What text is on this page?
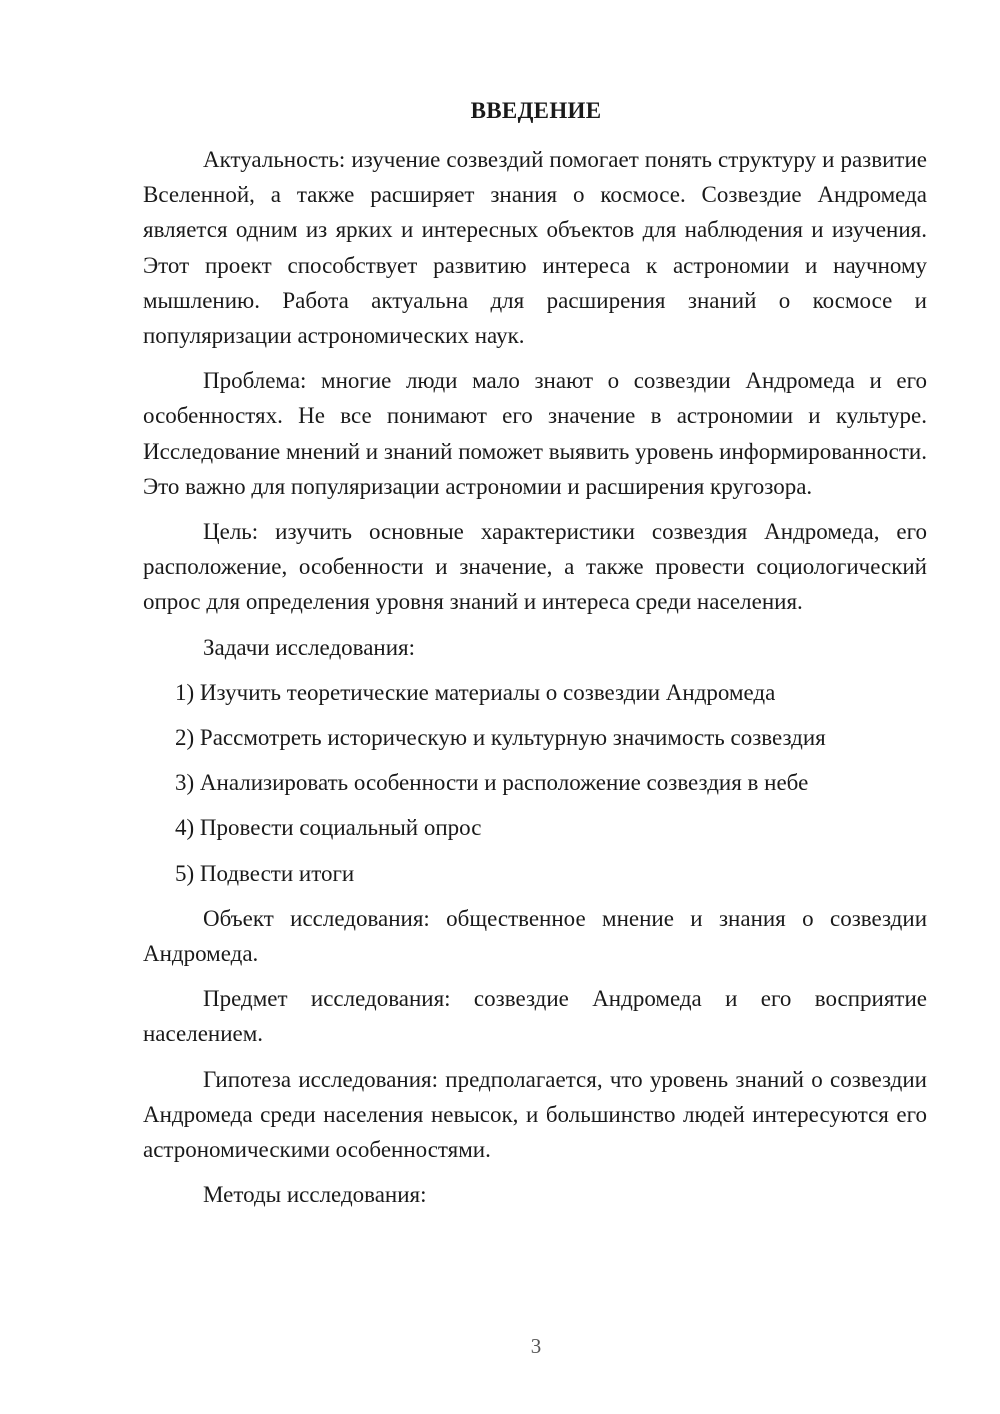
ВВЕДЕНИЕ

Актуальность: изучение созвездий помогает понять структуру и развитие Вселенной, а также расширяет знания о космосе. Созвездие Андромеда является одним из ярких и интересных объектов для наблюдения и изучения. Этот проект способствует развитию интереса к астрономии и научному мышлению. Работа актуальна для расширения знаний о космосе и популяризации астрономических наук.

Проблема: многие люди мало знают о созвездии Андромеда и его особенностях. Не все понимают его значение в астрономии и культуре. Исследование мнений и знаний поможет выявить уровень информированности. Это важно для популяризации астрономии и расширения кругозора.

Цель: изучить основные характеристики созвездия Андромеда, его расположение, особенности и значение, а также провести социологический опрос для определения уровня знаний и интереса среди населения.

Задачи исследования:

1) Изучить теоретические материалы о созвездии Андромеда
2) Рассмотреть историческую и культурную значимость созвездия
3) Анализировать особенности и расположение созвездия в небе
4) Провести социальный опрос
5) Подвести итоги

Объект исследования: общественное мнение и знания о созвездии Андромеда.

Предмет исследования: созвездие Андромеда и его восприятие населением.

Гипотеза исследования: предполагается, что уровень знаний о созвездии Андромеда среди населения невысок, и большинство людей интересуются его астрономическими особенностями.

Методы исследования:

3
